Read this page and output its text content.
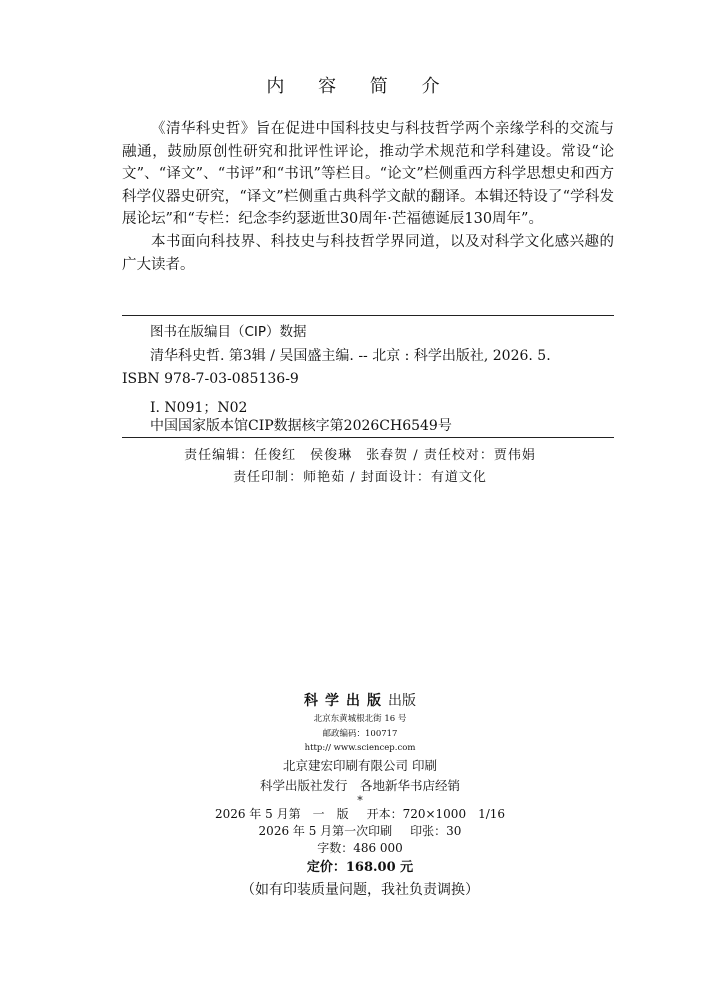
内 容 简 介

《清华科史哲》旨在促进中国科技史与科技哲学两个亲缘学科的交流与融通，鼓励原创性研究和批评性评论，推动学术规范和学科建设。常设“论文”、“译文”、“书评”和“书讯”等栏目。“论文”栏侧重西方科学思想史和西方科学仪器史研究，“译文”栏侧重古典科学文献的翻译。本辑还特设了“学科发展论坛”和“专栏：纪念李约瑟逝世30周年·芒福德诞辰130周年”。

本书面向科技界、科技史与科技哲学界同道，以及对科学文化感兴趣的广大读者。

图书在版编目（CIP）数据
清华科史哲. 第3辑 / 吴国盛主编. -- 北京 : 科学出版社, 2026. 5.
ISBN 978-7-03-085136-9
Ⅰ. N091；N02
中国国家版本馆CIP数据核字第2026CH6549号
责任编辑：任俊红　侯俊琳　张春贺 / 责任校对：贾伟娟
责任印制：师艳茹 / 封面设计：有道文化
科学出版出版
北京东黄城根北街 16 号
邮政编码：100717
http:// www.sciencep.com
北京建宏印刷有限公司 印刷
科学出版社发行　各地新华书店经销
*
2026 年 5 月第　一　版 开本：720×1000　1/16
2026 年 5 月第一次印刷 印张：30
字数：486 000
定价：168.00 元
（如有印装质量问题，我社负责调换）
